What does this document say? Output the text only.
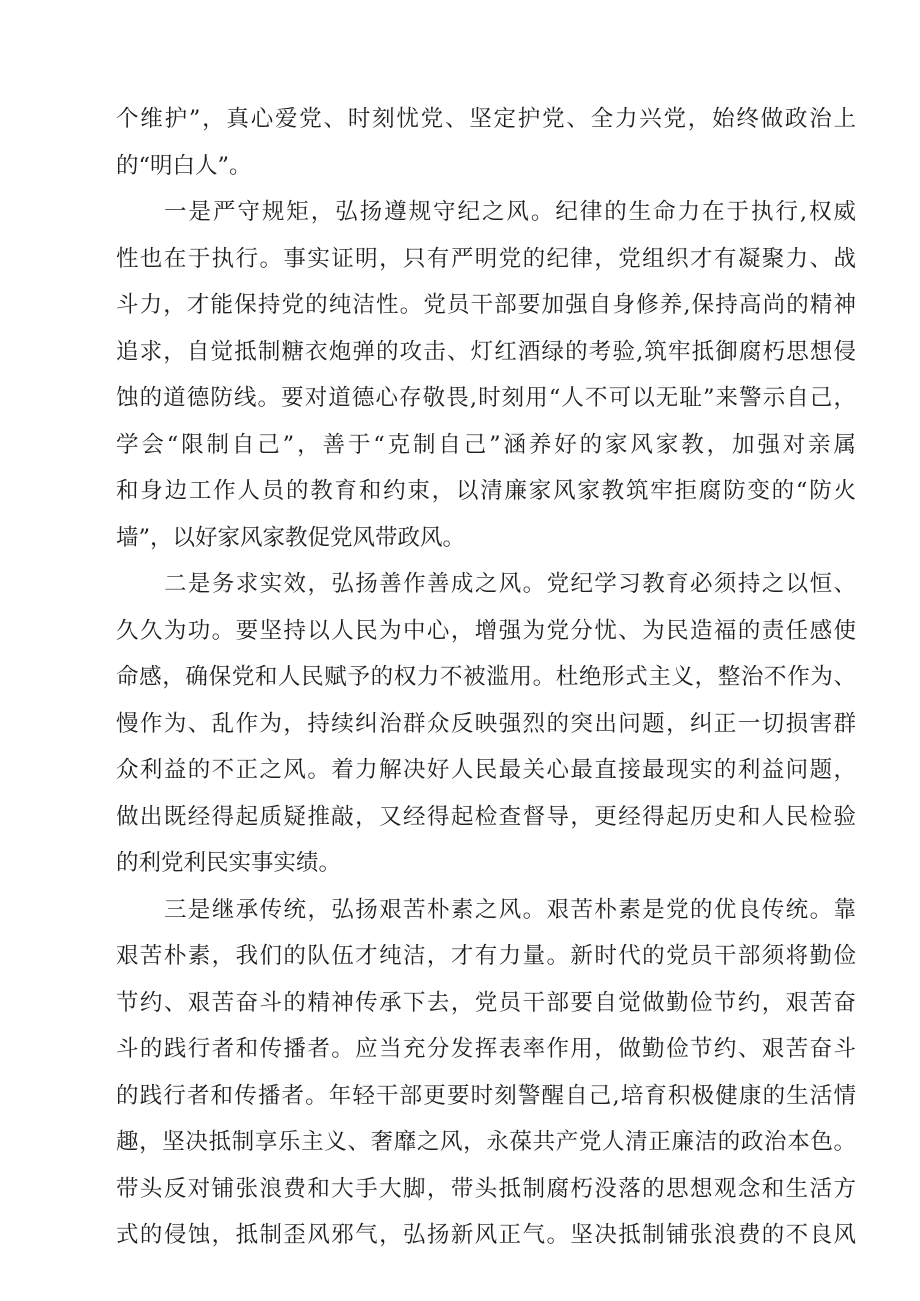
个维护”，真心爱党、时刻忧党、坚定护党、全力兴党，始终做政治上
的“明白人”。
一是严守规矩，弘扬遵规守纪之风。纪律的生命力在于执行,权威
性也在于执行。事实证明，只有严明党的纪律，党组织才有凝聚力、战
斗力，才能保持党的纯洁性。党员干部要加强自身修养,保持高尚的精神
追求，自觉抵制糖衣炮弹的攻击、灯红酒绿的考验,筑牢抵御腐朽思想侵
蚀的道德防线。要对道德心存敬畏,时刻用“人不可以无耻”来警示自己，
学会“限制自己”，善于“克制自己”涵养好的家风家教，加强对亲属
和身边工作人员的教育和约束，以清廉家风家教筑牢拒腐防变的“防火
墙”，以好家风家教促党风带政风。
二是务求实效，弘扬善作善成之风。党纪学习教育必须持之以恒、
久久为功。要坚持以人民为中心，增强为党分忧、为民造福的责任感使
命感，确保党和人民赋予的权力不被滥用。杜绝形式主义，整治不作为、
慢作为、乱作为，持续纠治群众反映强烈的突出问题，纠正一切损害群
众利益的不正之风。着力解决好人民最关心最直接最现实的利益问题，
做出既经得起质疑推敲，又经得起检查督导，更经得起历史和人民检验
的利党利民实事实绩。
三是继承传统，弘扬艰苦朴素之风。艰苦朴素是党的优良传统。靠
艰苦朴素，我们的队伍才纯洁，才有力量。新时代的党员干部须将勤俭
节约、艰苦奋斗的精神传承下去，党员干部要自觉做勤俭节约，艰苦奋
斗的践行者和传播者。应当充分发挥表率作用，做勤俭节约、艰苦奋斗
的践行者和传播者。年轻干部更要时刻警醒自己,培育积极健康的生活情
趣，坚决抵制享乐主义、奢靡之风，永葆共产党人清正廉洁的政治本色。
带头反对铺张浪费和大手大脚，带头抵制腐朽没落的思想观念和生活方
式的侵蚀，抵制歪风邪气，弘扬新风正气。坚决抵制铺张浪费的不良风
